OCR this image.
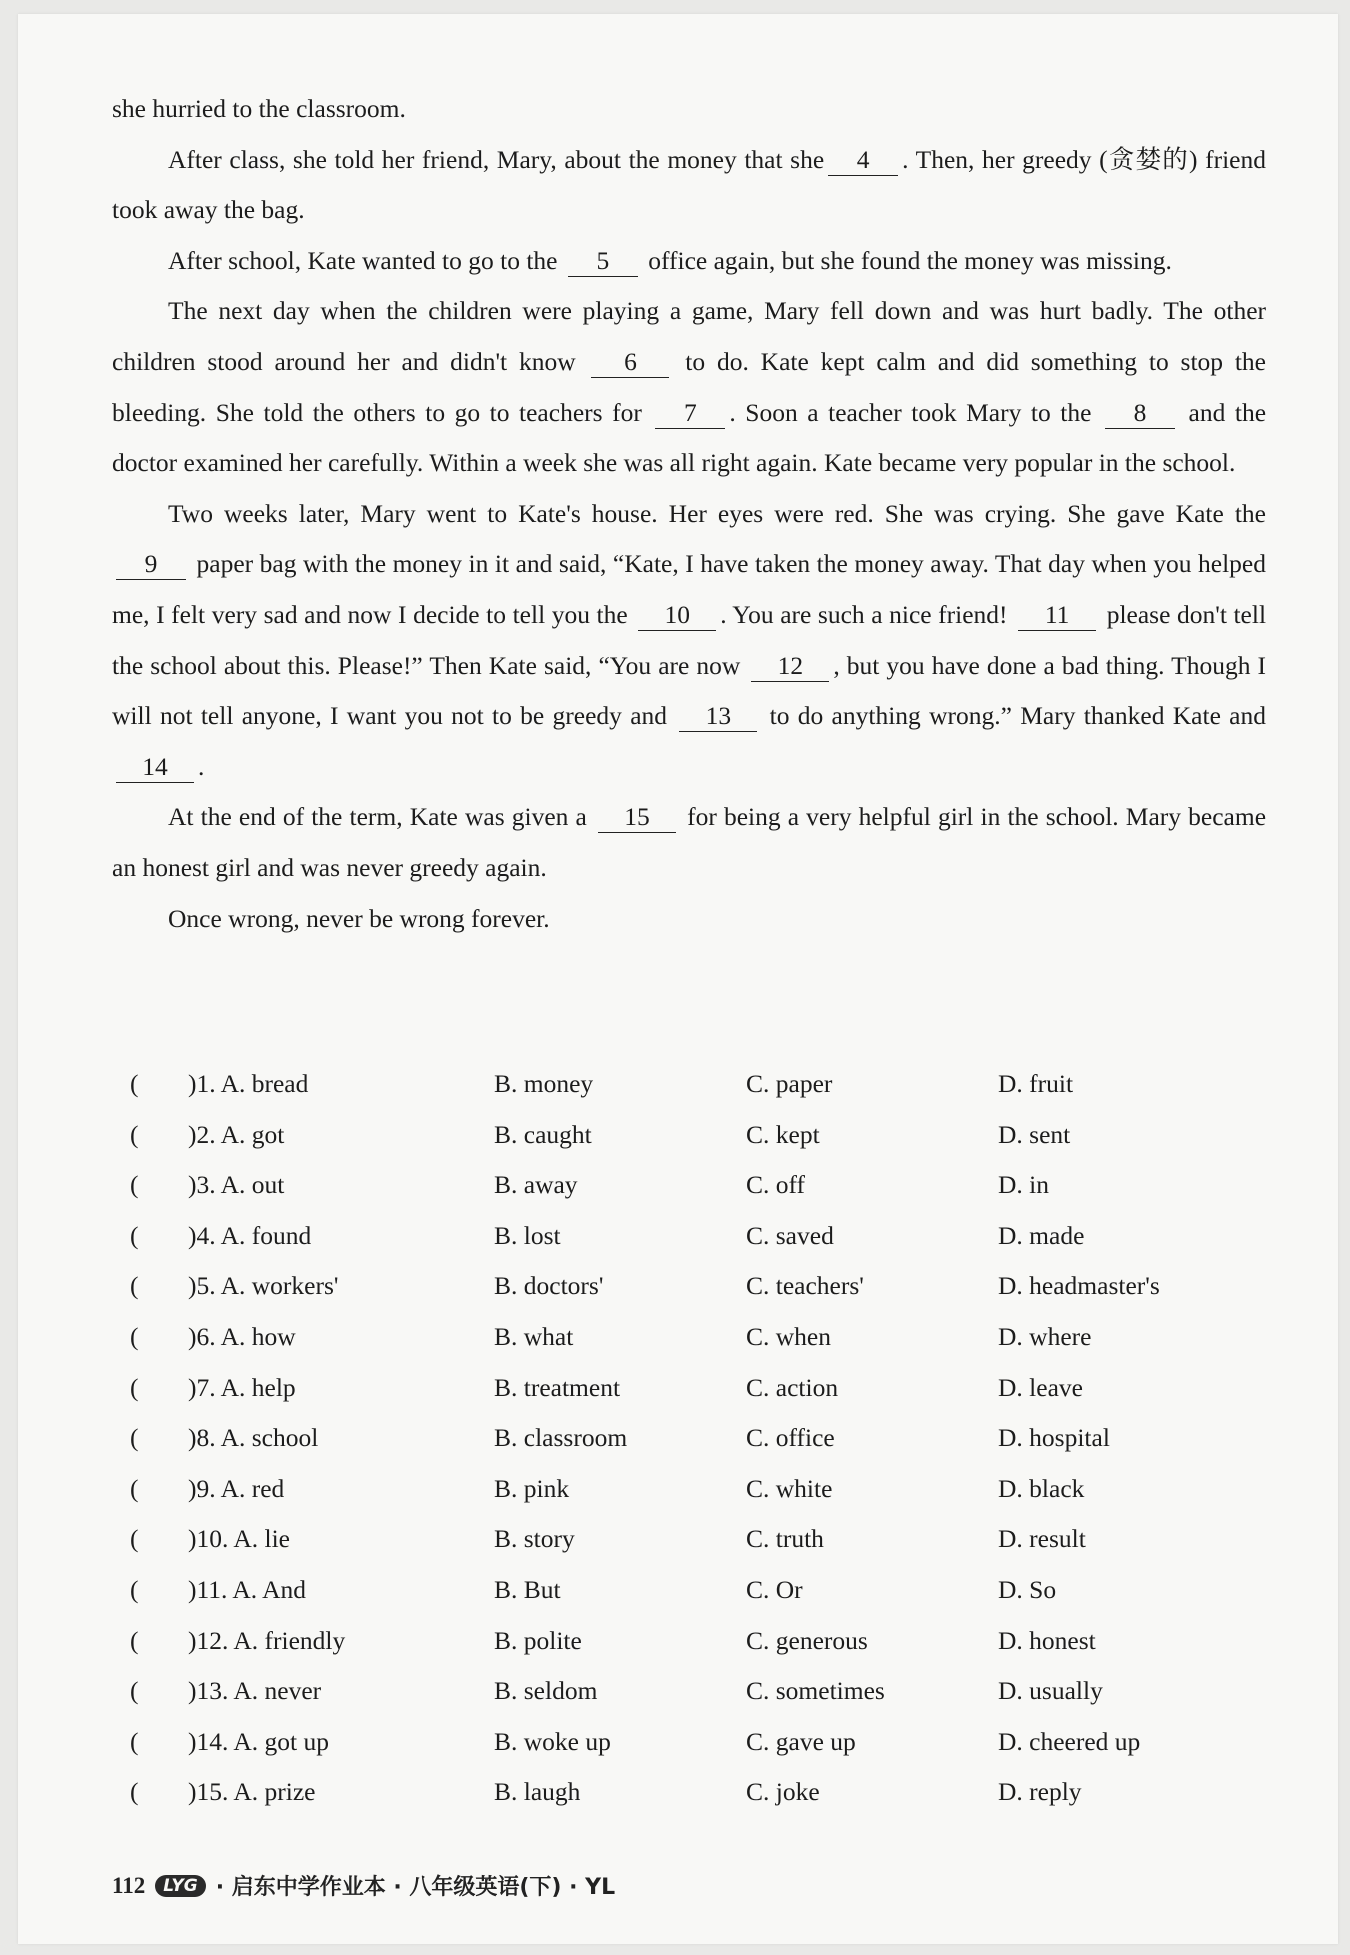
she hurried to the classroom.

After class, she told her friend, Mary, about the money that she 4 . Then, her greedy (贪婪的) friend took away the bag.

After school, Kate wanted to go to the 5 office again, but she found the money was missing.

The next day when the children were playing a game, Mary fell down and was hurt badly. The other children stood around her and didn't know 6 to do. Kate kept calm and did something to stop the bleeding. She told the others to go to teachers for 7 . Soon a teacher took Mary to the 8 and the doctor examined her carefully. Within a week she was all right again. Kate became very popular in the school.

Two weeks later, Mary went to Kate's house. Her eyes were red. She was crying. She gave Kate the 9 paper bag with the money in it and said, “Kate, I have taken the money away. That day when you helped me, I felt very sad and now I decide to tell you the 10 . You are such a nice friend! 11 please don't tell the school about this. Please!” Then Kate said, “You are now 12 , but you have done a bad thing. Though I will not tell anyone, I want you not to be greedy and 13 to do anything wrong.” Mary thanked Kate and 14 .

At the end of the term, Kate was given a 15 for being a very helpful girl in the school. Mary became an honest girl and was never greedy again.

Once wrong, never be wrong forever.

( )1. A. bread	B. money	C. paper	D. fruit
( )2. A. got	B. caught	C. kept	D. sent
( )3. A. out	B. away	C. off	D. in
( )4. A. found	B. lost	C. saved	D. made
( )5. A. workers'	B. doctors'	C. teachers'	D. headmaster's
( )6. A. how	B. what	C. when	D. where
( )7. A. help	B. treatment	C. action	D. leave
( )8. A. school	B. classroom	C. office	D. hospital
( )9. A. red	B. pink	C. white	D. black
( )10. A. lie	B. story	C. truth	D. result
( )11. A. And	B. But	C. Or	D. So
( )12. A. friendly	B. polite	C. generous	D. honest
( )13. A. never	B. seldom	C. sometimes	D. usually
( )14. A. got up	B. woke up	C. gave up	D. cheered up
( )15. A. prize	B. laugh	C. joke	D. reply
112	LYG · 启东中学作业本 · 八年级英语(下) · YL
